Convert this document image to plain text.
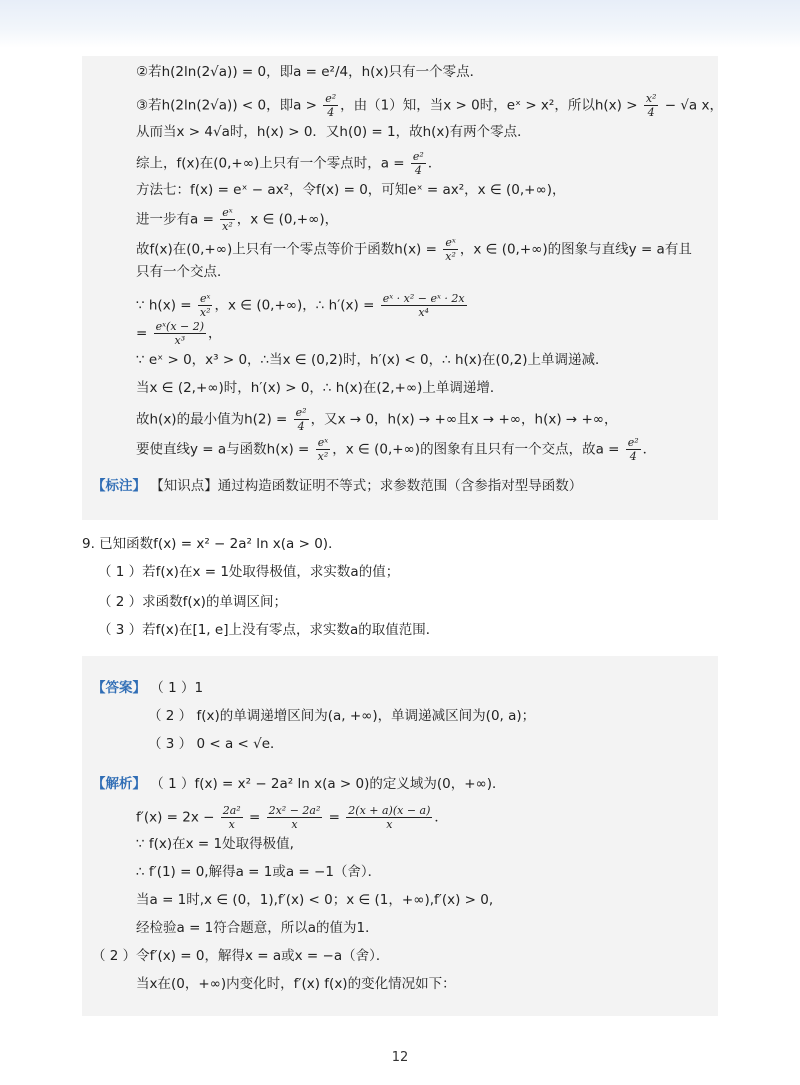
②若h(2ln(2√a)) = 0，即a = e²/4，h(x)只有一个零点．
③若h(2ln(2√a)) < 0，即$a > \frac{\text{e²}}{4}$ ，由（1）知，当x > 0时，eˣ > x²，所以$h(x) > \frac{\text{x²}}{4} - √a$ x，
从而当x > 4√a时，h(x) > 0．又h(0) = 1，故h(x)有两个零点．
综上，f(x)在(0,+∞)上只有一个零点时，$a = \frac{\text{e²}}{4}$ ．
方法七：f(x) = eˣ − ax²，令f(x) = 0，可知eˣ = ax²，x ∈ (0,+∞)，
进一步有$a = \frac{\text{eˣ}}{\text{x²}}$ ，x ∈ (0,+∞)，
故f(x)在(0,+∞)上只有一个零点等价于函数$h(x) = \frac{\text{eˣ}}{\text{x²}}$ ，x ∈ (0,+∞)的图象与直线y = a有且
只有一个交点．
∵ $h(x) = \frac{\text{eˣ}}{\text{x²}}$ ，x ∈ (0,+∞)，∴ $h'(x) = \frac{\text{eˣ · x² − eˣ · 2x}}{\text{x⁴}}$
= $\frac{\text{eˣ(x − 2)}}{\text{x³}}$ ，
∵ eˣ > 0，x³ > 0，∴当x ∈ (0,2)时，h′(x) < 0，∴ h(x)在(0,2)上单调递减．
当x ∈ (2,+∞)时，h′(x) > 0，∴ h(x)在(2,+∞)上单调递增．
故h(x)的最小值为$h(2) = \frac{\text{e²}}{4}$ ，又x → 0，h(x) → +∞且x → +∞，h(x) → +∞，
要使直线y = a与函数$h(x) = \frac{\text{eˣ}}{\text{x²}}$ ，x ∈ (0,+∞)的图象有且只有一个交点，故$a = \frac{\text{e²}}{4}$ ．
【标注】 【知识点】通过构造函数证明不等式；求参数范围（含参指对型导函数）
9. 已知函数f(x) = x² − 2a² ln x(a > 0)．
（ 1 ）若f(x)在x = 1处取得极值，求实数a的值；
（ 2 ）求函数f(x)的单调区间；
（ 3 ）若f(x)在[1, e]上没有零点，求实数a的取值范围．
【答案】 （ 1 ）1
（ 2 ） f(x)的单调递增区间为(a, +∞)，单调递减区间为(0, a)；
（ 3 ） 0 < a < √e．
【解析】 （ 1 ）f(x) = x² − 2a² ln x(a > 0)的定义域为(0，+∞)．
$f'(x) = 2x - \frac{\text{2a²}}{x} = \frac{\text{2x² − 2a²}}{x} = \frac{2(x + a)(x - a)}{x}$ ．
∵ f(x)在x = 1处取得极值,
∴ f′(1) = 0,解得a = 1或a = −1（舍）．
当a = 1时,x ∈ (0，1),f′(x) < 0；x ∈ (1，+∞),f′(x) > 0,
经检验a = 1符合题意，所以a的值为1．
（ 2 ）令f′(x) = 0，解得x = a或x = −a（舍）．
当x在(0，+∞)内变化时，f′(x) f(x)的变化情况如下：
12
